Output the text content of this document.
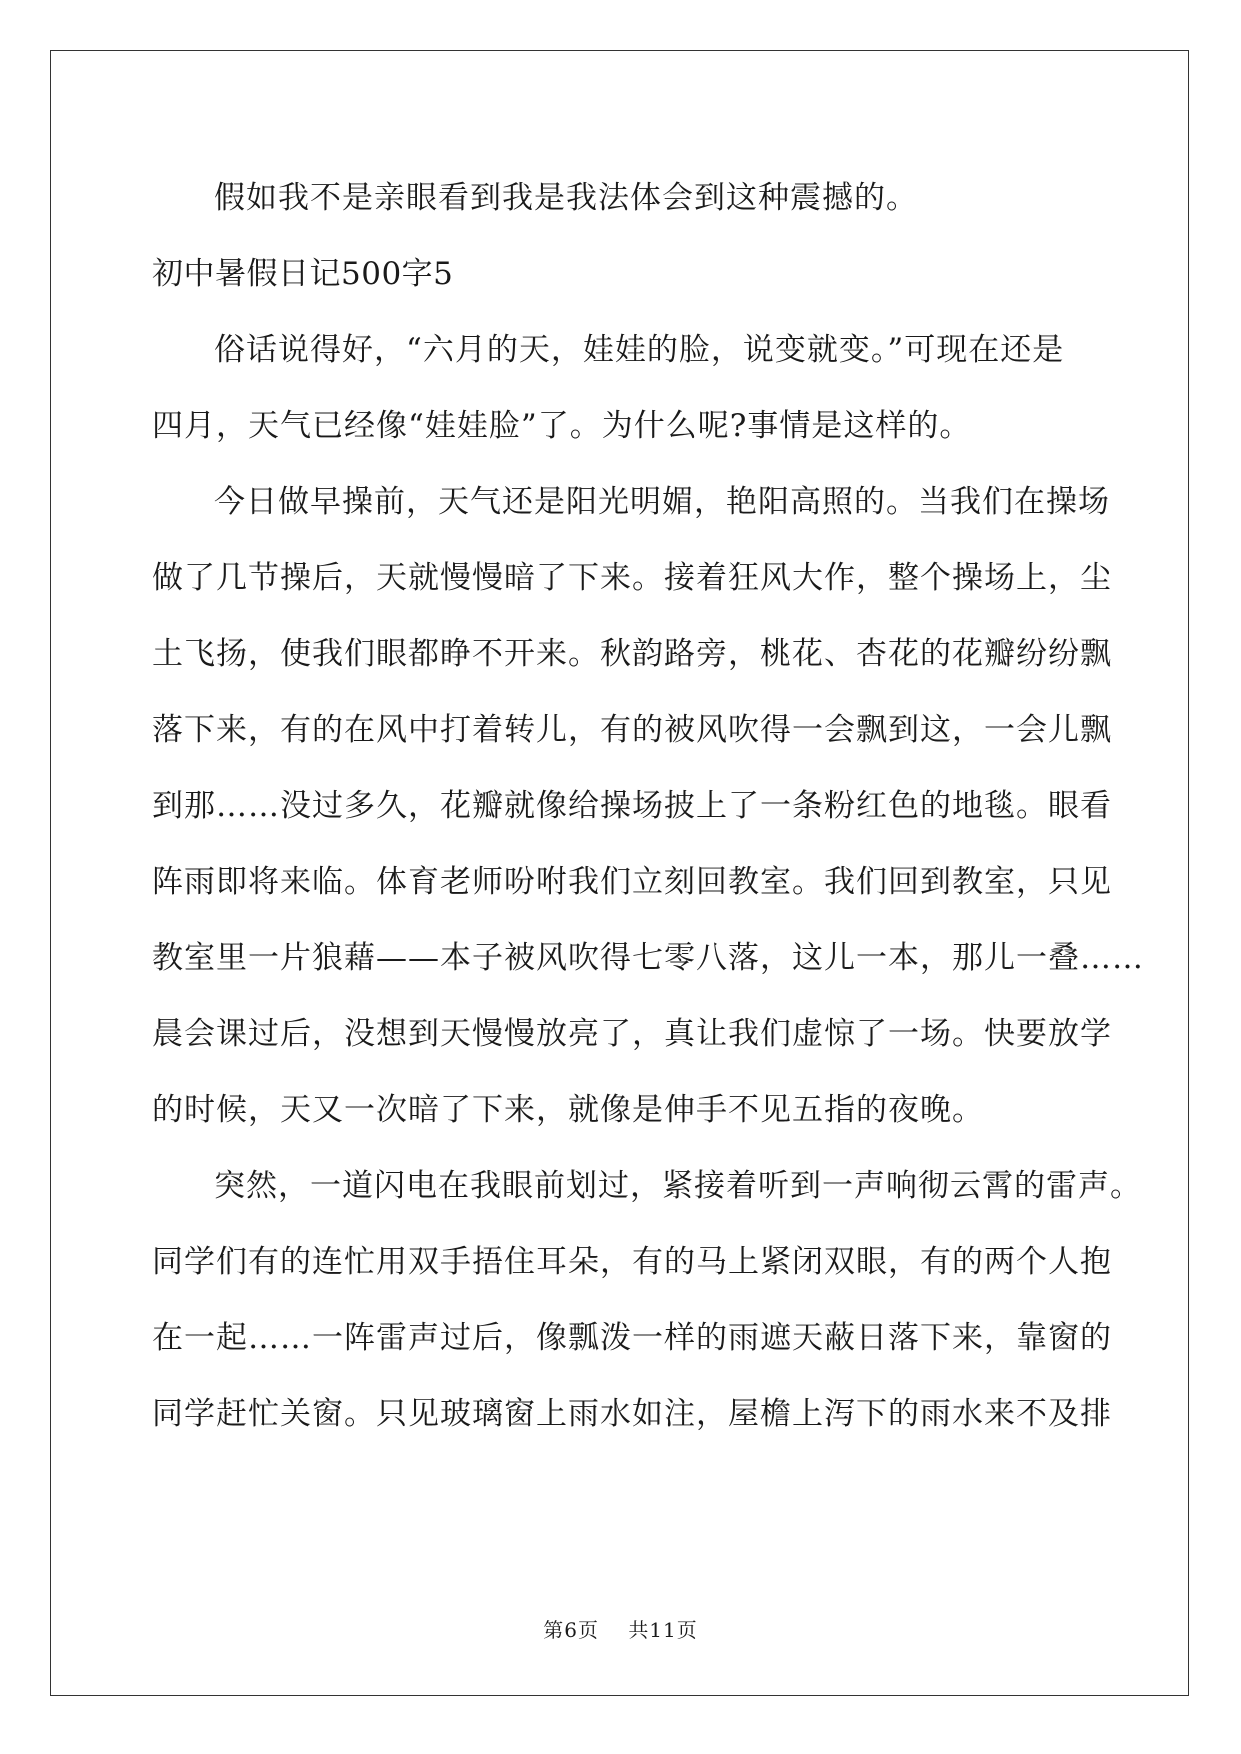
假如我不是亲眼看到我是我法体会到这种震撼的。
初中暑假日记500字5
俗话说得好，“六月的天，娃娃的脸，说变就变。”可现在还是
四月，天气已经像“娃娃脸”了。为什么呢?事情是这样的。
今日做早操前，天气还是阳光明媚，艳阳高照的。当我们在操场
做了几节操后，天就慢慢暗了下来。接着狂风大作，整个操场上，尘
土飞扬，使我们眼都睁不开来。秋韵路旁，桃花、杏花的花瓣纷纷飘
落下来，有的在风中打着转儿，有的被风吹得一会飘到这，一会儿飘
到那……没过多久，花瓣就像给操场披上了一条粉红色的地毯。眼看
阵雨即将来临。体育老师吩咐我们立刻回教室。我们回到教室，只见
教室里一片狼藉——本子被风吹得七零八落，这儿一本，那儿一叠……
晨会课过后，没想到天慢慢放亮了，真让我们虚惊了一场。快要放学
的时候，天又一次暗了下来，就像是伸手不见五指的夜晚。
突然，一道闪电在我眼前划过，紧接着听到一声响彻云霄的雷声。
同学们有的连忙用双手捂住耳朵，有的马上紧闭双眼，有的两个人抱
在一起……一阵雷声过后，像瓢泼一样的雨遮天蔽日落下来，靠窗的
同学赶忙关窗。只见玻璃窗上雨水如注，屋檐上泻下的雨水来不及排
第6页 共11页
